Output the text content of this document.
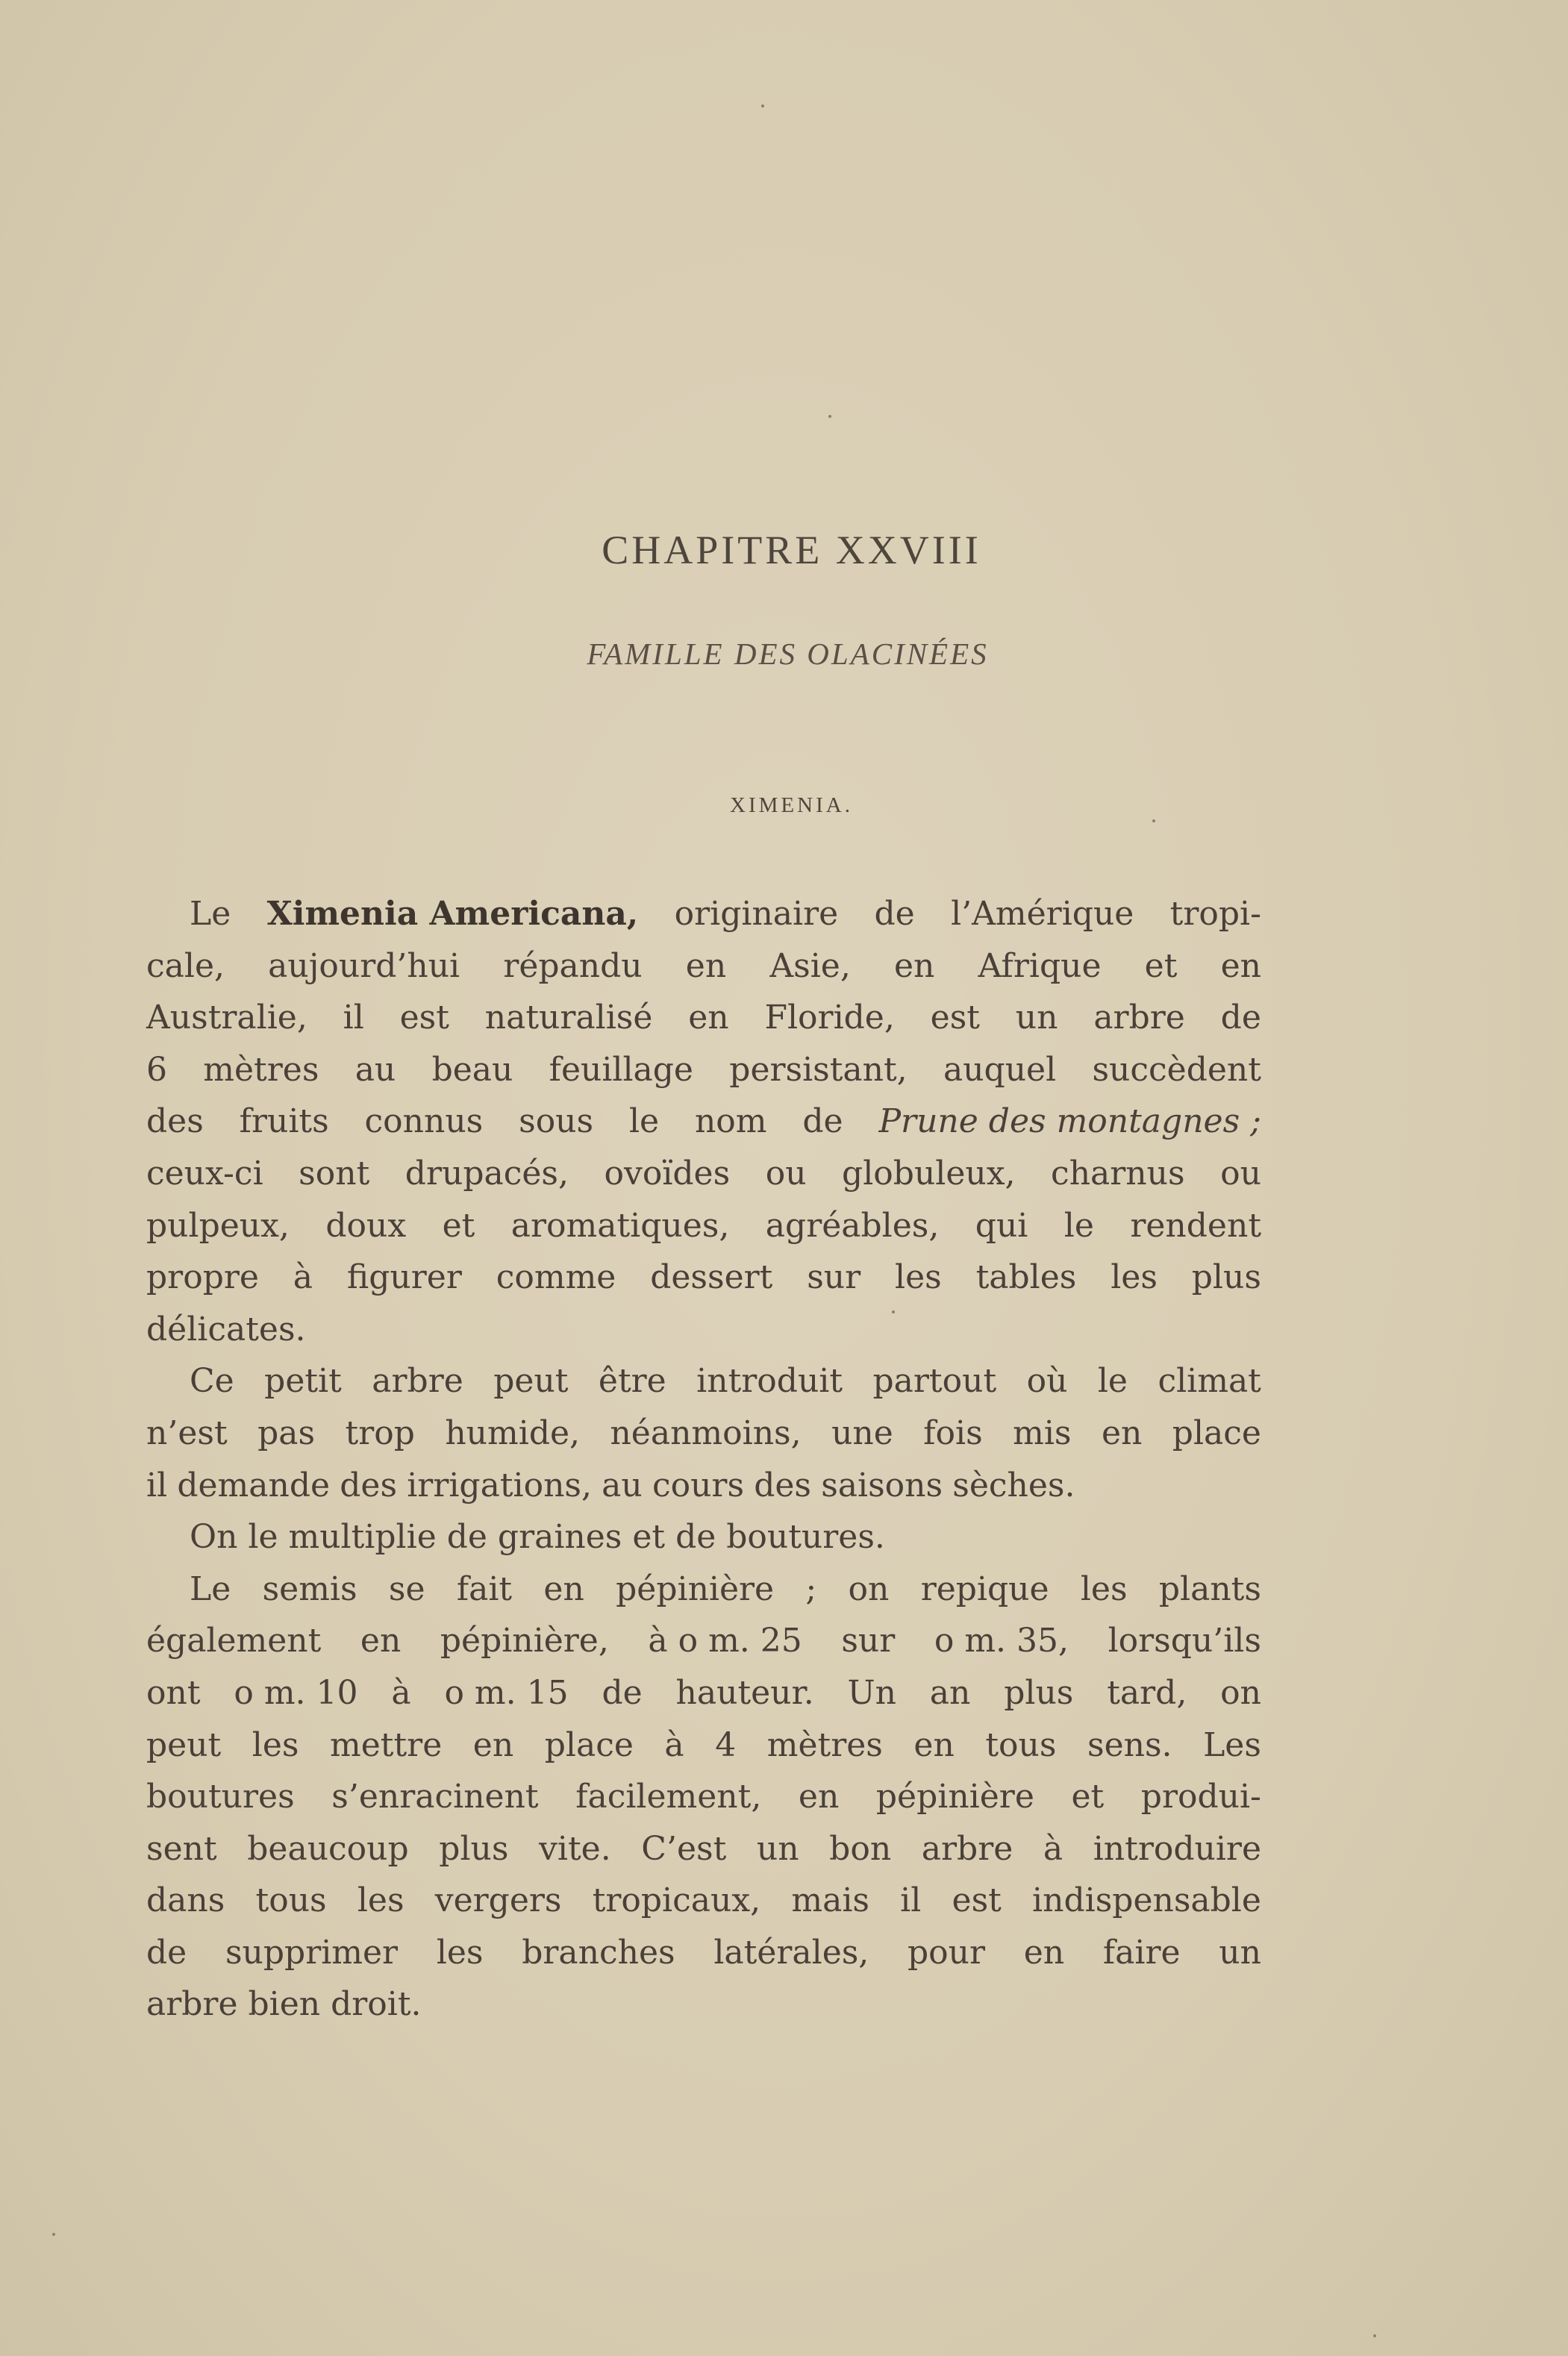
CHAPITRE XXVIII
FAMILLE DES OLACINÉES
XIMENIA.
Le Ximenia Americana, originaire de l’Amérique tropi-
cale, aujourd’hui répandu en Asie, en Afrique et en
Australie, il est naturalisé en Floride, est un arbre de
6 mètres au beau feuillage persistant, auquel succèdent
des fruits connus sous le nom de Prune des montagnes ;
ceux-ci sont drupacés, ovoïdes ou globuleux, charnus ou
pulpeux, doux et aromatiques, agréables, qui le rendent
propre à figurer comme dessert sur les tables les plus
délicates.
Ce petit arbre peut être introduit partout où le climat
n’est pas trop humide, néanmoins, une fois mis en place
il demande des irrigations, au cours des saisons sèches.
On le multiplie de graines et de boutures.
Le semis se fait en pépinière ; on repique les plants
également en pépinière, à o m. 25 sur o m. 35, lorsqu’ils
ont o m. 10 à o m. 15 de hauteur. Un an plus tard, on
peut les mettre en place à 4 mètres en tous sens. Les
boutures s’enracinent facilement, en pépinière et produi-
sent beaucoup plus vite. C’est un bon arbre à introduire
dans tous les vergers tropicaux, mais il est indispensable
de supprimer les branches latérales, pour en faire un
arbre bien droit.
